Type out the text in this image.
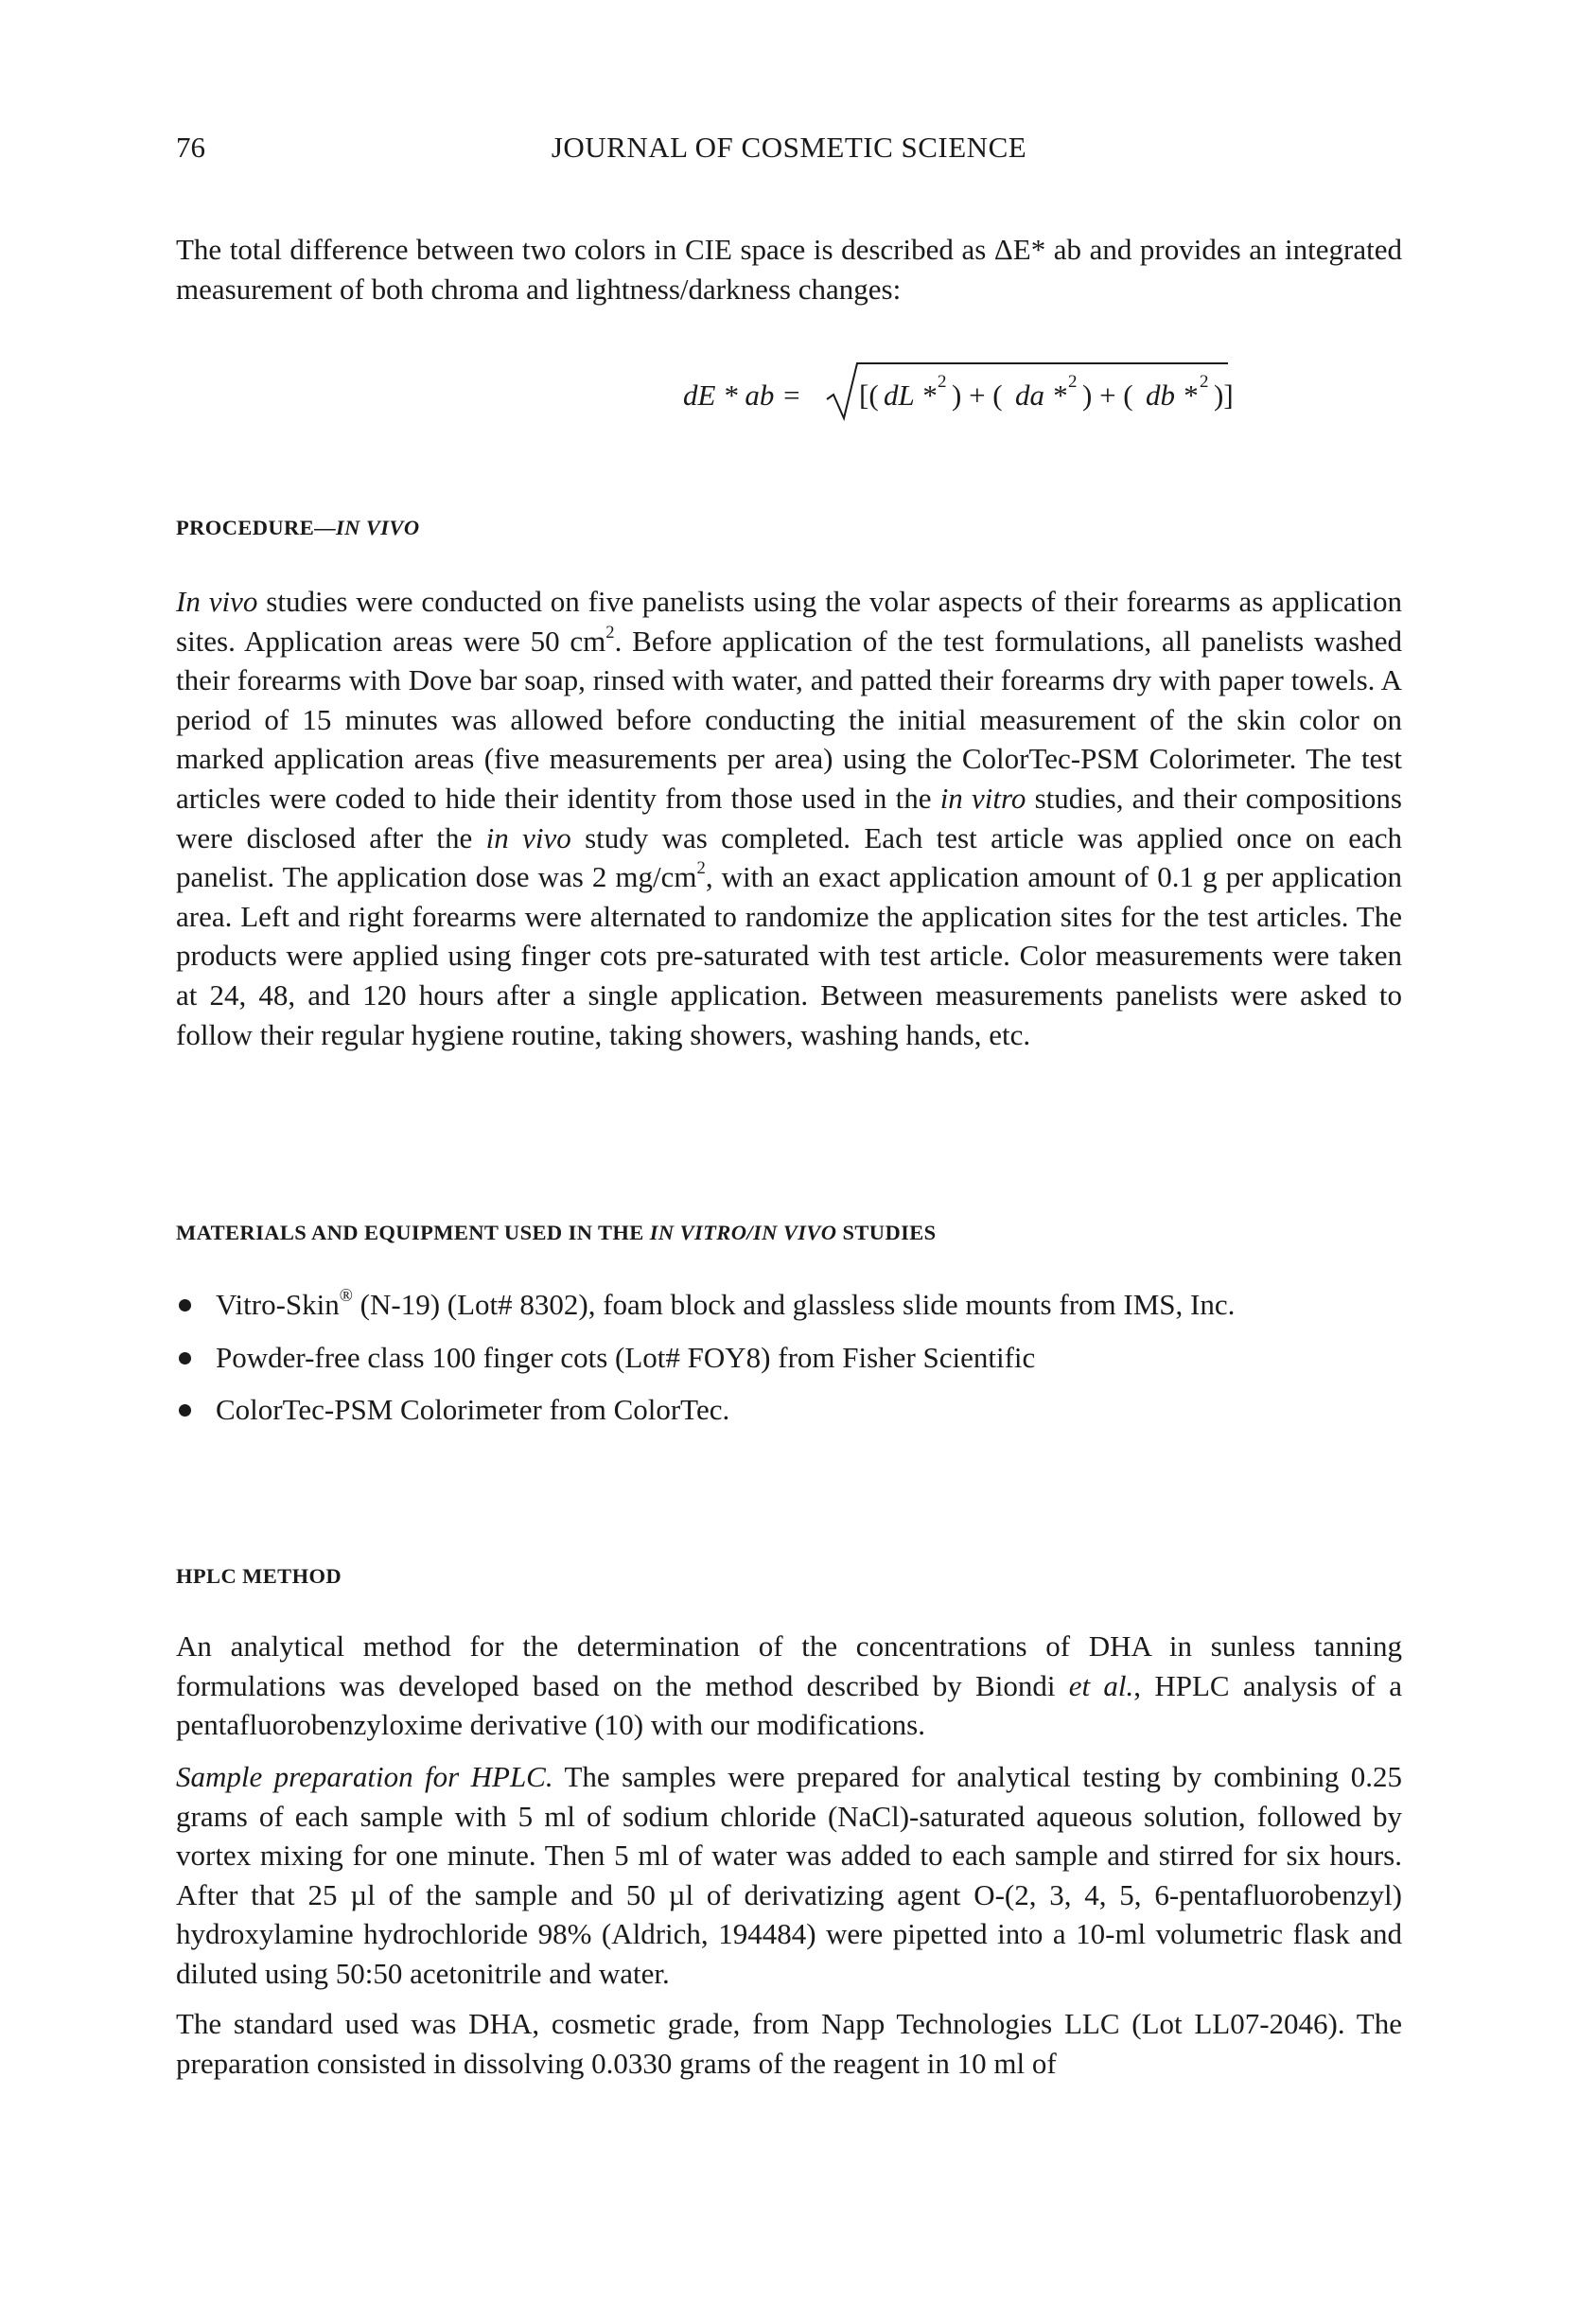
76	JOURNAL OF COSMETIC SCIENCE

The total difference between two colors in CIE space is described as ΔE* ab and provides an integrated measurement of both chroma and lightness/darkness changes:

dE * ab = [( dL * 2 ) + ( da * 2 ) + ( db * 2 )]
PROCEDURE—IN VIVO

In vivo studies were conducted on five panelists using the volar aspects of their forearms as application sites. Application areas were 50 $cm^2$. Before application of the test formulations, all panelists washed their forearms with Dove bar soap, rinsed with water, and patted their forearms dry with paper towels. A period of 15 minutes was allowed before conducting the initial measurement of the skin color on marked application areas (five measurements per area) using the ColorTec-PSM Colorimeter. The test articles were coded to hide their identity from those used in the in vitro studies, and their compositions were disclosed after the in vivo study was completed. Each test article was applied once on each panelist. The application dose was 2 $mg/cm^2$, with an exact application amount of 0.1 g per application area. Left and right forearms were alternated to randomize the application sites for the test articles. The products were applied using finger cots pre-saturated with test article. Color measurements were taken at 24, 48, and 120 hours after a single application. Between measurements panelists were asked to follow their regular hygiene routine, taking showers, washing hands, etc.

MATERIALS AND EQUIPMENT USED IN THE IN VITRO/IN VIVO STUDIES
Vitro-Skin® (N-19) (Lot# 8302), foam block and glassless slide mounts from IMS, Inc.
Powder-free class 100 finger cots (Lot# FOY8) from Fisher Scientific
ColorTec-PSM Colorimeter from ColorTec.
HPLC METHOD

An analytical method for the determination of the concentrations of DHA in sunless tanning formulations was developed based on the method described by Biondi et al., HPLC analysis of a pentafluorobenzyloxime derivative (10) with our modifications.

Sample preparation for HPLC. The samples were prepared for analytical testing by combining 0.25 grams of each sample with 5 ml of sodium chloride (NaCl)-saturated aqueous solution, followed by vortex mixing for one minute. Then 5 ml of water was added to each sample and stirred for six hours. After that 25 µl of the sample and 50 µl of derivatizing agent O-(2, 3, 4, 5, 6-pentafluorobenzyl) hydroxylamine hydrochloride 98% (Aldrich, 194484) were pipetted into a 10-ml volumetric flask and diluted using 50:50 acetonitrile and water.

The standard used was DHA, cosmetic grade, from Napp Technologies LLC (Lot LL07-2046). The preparation consisted in dissolving 0.0330 grams of the reagent in 10 ml of
